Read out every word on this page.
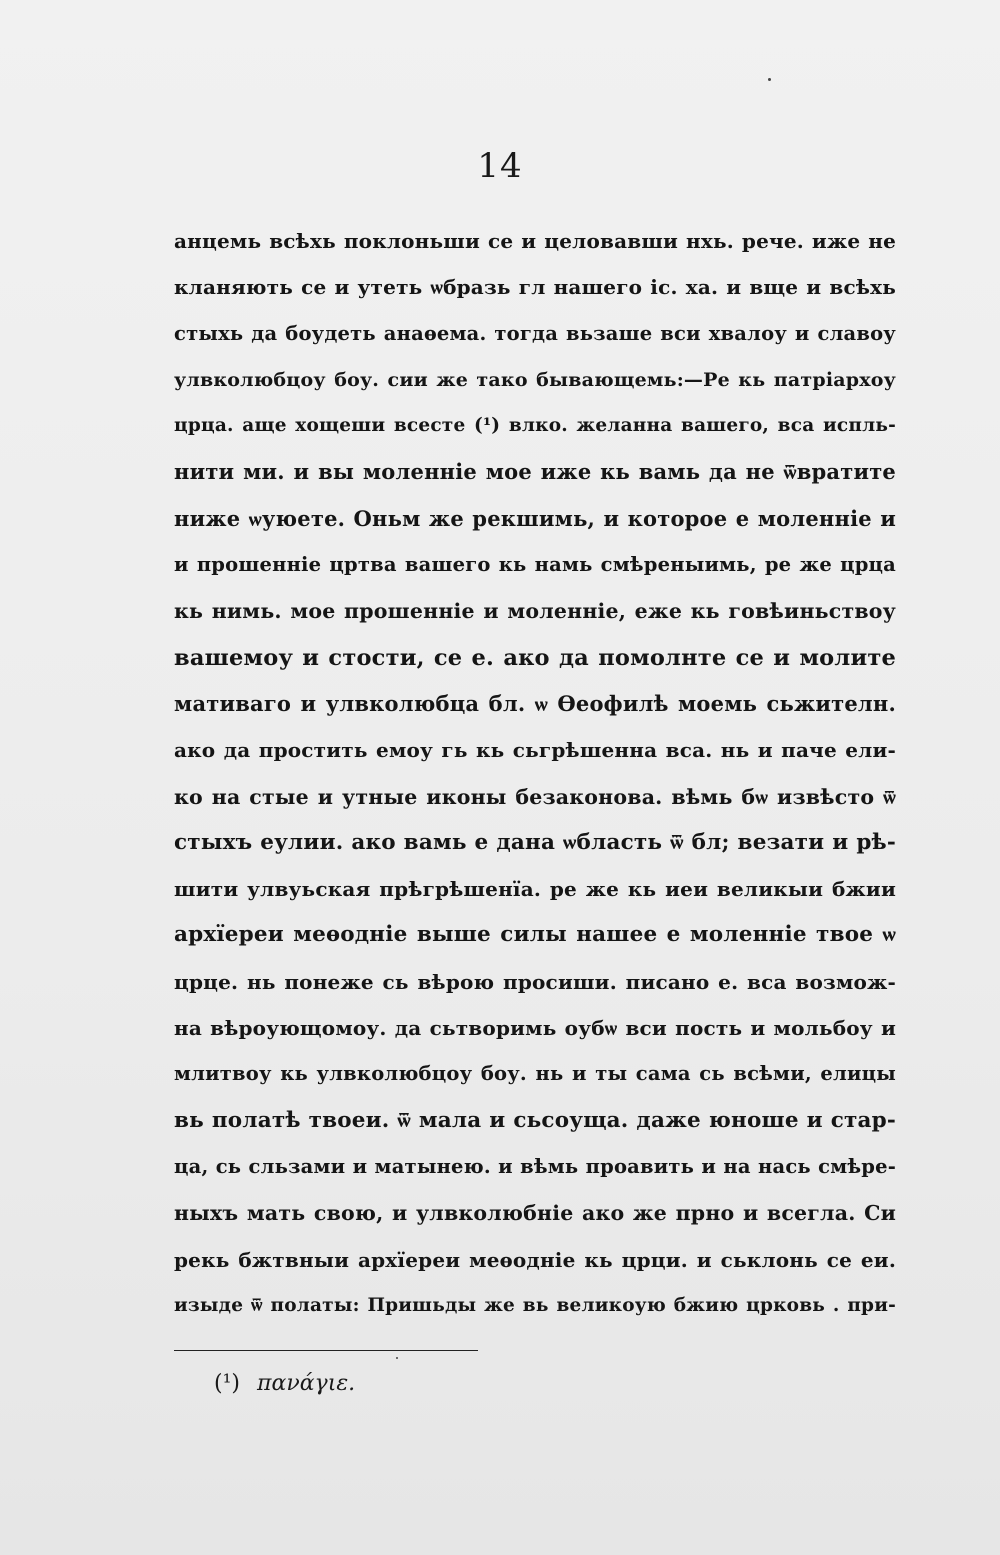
14
анцемь всѣхь поклоньши се и целовавши нхь. рече. иже не
кланяють се и утеть ѡбразь гл нашего іс. ха. и вще и всѣхь
стыхь да боудеть анаѳема. тогда вьзаше вси хвалоу и славоу
улвколюбцоу боу. сии же тако бывающемь:—Ре кь патріархоу
црца. аще хощеши всесте (¹) влко. желанна вашего, вса испль-
нити ми. и вы моленніе мое иже кь вамь да не ѿвратите
ниже ѡуюете. Оньм же рекшимь, и которое е моленніе и
и прошенніе цртва вашего кь намь смѣреныимь, ре же црца
кь нимь. мое прошенніе и моленніе, еже кь говѣиньствоу
вашемоу и стости, се е. ако да помолнте се и молите
мативаго и улвколюбца бл. ѡ Ѳеофилѣ моемь сьжителн.
ако да простить емоу гь кь сьгрѣшенна вса. нь и паче ели-
ко на стые и утные иконы безаконова. вѣмь бѡ извѣсто ѿ
стыхъ еулии. ако вамь е дана ѡбласть ѿ бл; везати и рѣ-
шити улвуьская прѣгрѣшенїа. ре же кь иеи великыи бжии
архїереи меѳодніе выше силы нашее е моленніе твое ѡ
црце. нь понеже сь вѣрою просиши. писано е. вса возмож-
на вѣроующомоу. да сьтворимь оубѡ вси пость и мольбоу и
млитвоу кь улвколюбцоу боу. нь и ты сама сь всѣми, елицы
вь полатѣ твоеи. ѿ мала и сьсоуща. даже юноше и стар-
ца, сь сльзами и матынею. и вѣмь проавить и на нась смѣре-
ныхъ мать свою, и улвколюбніе ако же прно и всегла. Си
рекь бжтвныи архїереи меѳодніе кь црци. и ськлонь се еи.
изыде ѿ полаты: Пришьды же вь великоую бжию црковь . при-
(¹) πανάγιε.
